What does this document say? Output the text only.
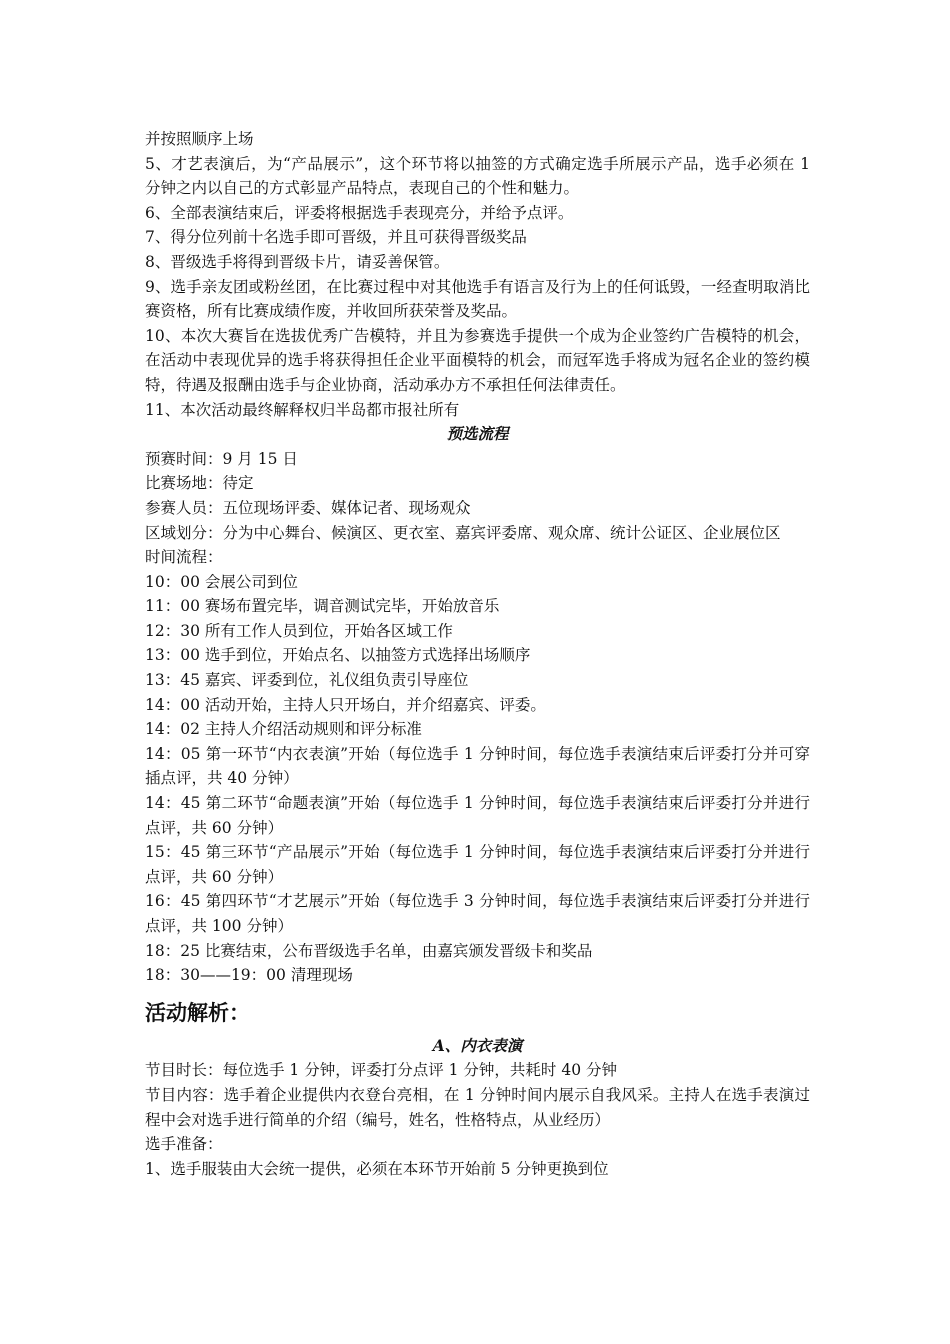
并按照顺序上场

5、才艺表演后，为“产品展示”，这个环节将以抽签的方式确定选手所展示产品，选手必须在 1 分钟之内以自己的方式彰显产品特点，表现自己的个性和魅力。

6、全部表演结束后，评委将根据选手表现亮分，并给予点评。

7、得分位列前十名选手即可晋级，并且可获得晋级奖品

8、晋级选手将得到晋级卡片，请妥善保管。

9、选手亲友团或粉丝团，在比赛过程中对其他选手有语言及行为上的任何诋毁，一经查明取消比赛资格，所有比赛成绩作废，并收回所获荣誉及奖品。

10、本次大赛旨在选拔优秀广告模特，并且为参赛选手提供一个成为企业签约广告模特的机会，在活动中表现优异的选手将获得担任企业平面模特的机会，而冠军选手将成为冠名企业的签约模特，待遇及报酬由选手与企业协商，活动承办方不承担任何法律责任。

11、本次活动最终解释权归半岛都市报社所有

预选流程

预赛时间：9 月 15 日

比赛场地：待定

参赛人员：五位现场评委、媒体记者、现场观众

区域划分：分为中心舞台、候演区、更衣室、嘉宾评委席、观众席、统计公证区、企业展位区

时间流程：

10：00 会展公司到位

11：00 赛场布置完毕，调音测试完毕，开始放音乐

12：30 所有工作人员到位，开始各区域工作

13：00 选手到位，开始点名、以抽签方式选择出场顺序

13：45 嘉宾、评委到位，礼仪组负责引导座位

14：00 活动开始，主持人只开场白，并介绍嘉宾、评委。

14：02 主持人介绍活动规则和评分标准

14：05 第一环节“内衣表演”开始（每位选手 1 分钟时间，每位选手表演结束后评委打分并可穿插点评，共 40 分钟）

14：45 第二环节“命题表演”开始（每位选手 1 分钟时间，每位选手表演结束后评委打分并进行点评，共 60 分钟）

15：45 第三环节“产品展示”开始（每位选手 1 分钟时间，每位选手表演结束后评委打分并进行点评，共 60 分钟）

16：45 第四环节“才艺展示”开始（每位选手 3 分钟时间，每位选手表演结束后评委打分并进行点评，共 100 分钟）

18：25 比赛结束，公布晋级选手名单，由嘉宾颁发晋级卡和奖品

18：30——19：00 清理现场

活动解析：

A、内衣表演

节目时长：每位选手 1 分钟，评委打分点评 1 分钟，共耗时 40 分钟

节目内容：选手着企业提供内衣登台亮相，在 1 分钟时间内展示自我风采。主持人在选手表演过程中会对选手进行简单的介绍（编号，姓名，性格特点，从业经历）

选手准备：

1、选手服装由大会统一提供，必须在本环节开始前 5 分钟更换到位
